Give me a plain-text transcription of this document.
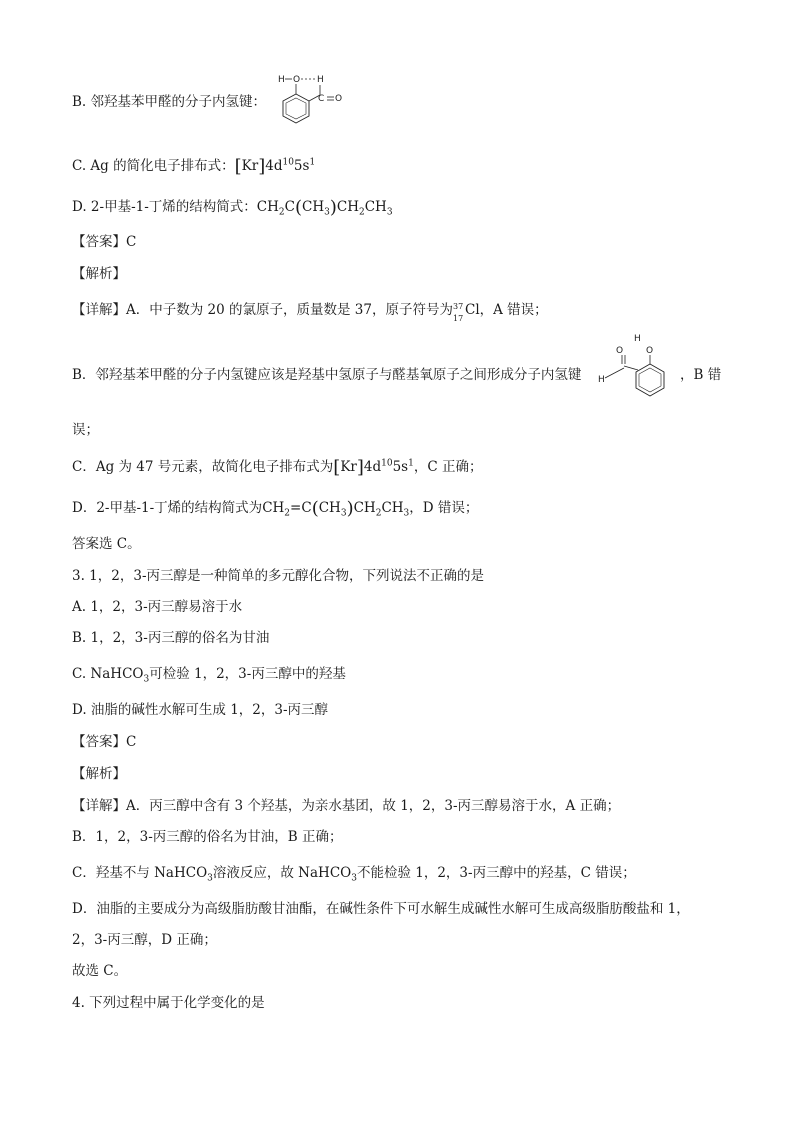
B. 邻羟基苯甲醛的分子内氢键：
H O H
C O
C. Ag 的简化电子排布式：$[Kr]4d^{10}5s^1$
D. 2-甲基-1-丁烯的结构简式：$CH_2C(CH_3)CH_2CH_3$
【答案】C
【解析】
【详解】A．中子数为 20 的氯原子，质量数是 37，原子符号为 37
17
Cl，A 错误；
B．邻羟基苯甲醛的分子内氢键应该是羟基中氢原子与醛基氧原子之间形成分子内氢键
H
O	O
H	，B 错
误；
C．Ag 为 47 号元素，故简化电子排布式为$[Kr]4d^{10}5s^1$，C 正确；
D．2-甲基-1-丁烯的结构简式为$CH_2=C(CH_3)CH_2CH_3$，D 错误；
答案选 C。
3. 1，2，3-丙三醇是一种简单的多元醇化合物，下列说法不正确的是
A. 1，2，3-丙三醇易溶于水
B. 1，2，3-丙三醇的俗名为甘油
C. NaHCO$_3$可检验 1，2，3-丙三醇中的羟基
D. 油脂的碱性水解可生成 1，2，3-丙三醇
【答案】C
【解析】
【详解】A．丙三醇中含有 3 个羟基，为亲水基团，故 1，2，3-丙三醇易溶于水，A 正确；
B．1，2，3-丙三醇的俗名为甘油，B 正确；
C．羟基不与 NaHCO$_3$溶液反应，故 NaHCO$_3$不能检验 1，2，3-丙三醇中的羟基，C 错误；
D．油脂的主要成分为高级脂肪酸甘油酯，在碱性条件下可水解生成碱性水解可生成高级脂肪酸盐和 1，
2，3-丙三醇，D 正确；
故选 C。
4. 下列过程中属于化学变化的是
